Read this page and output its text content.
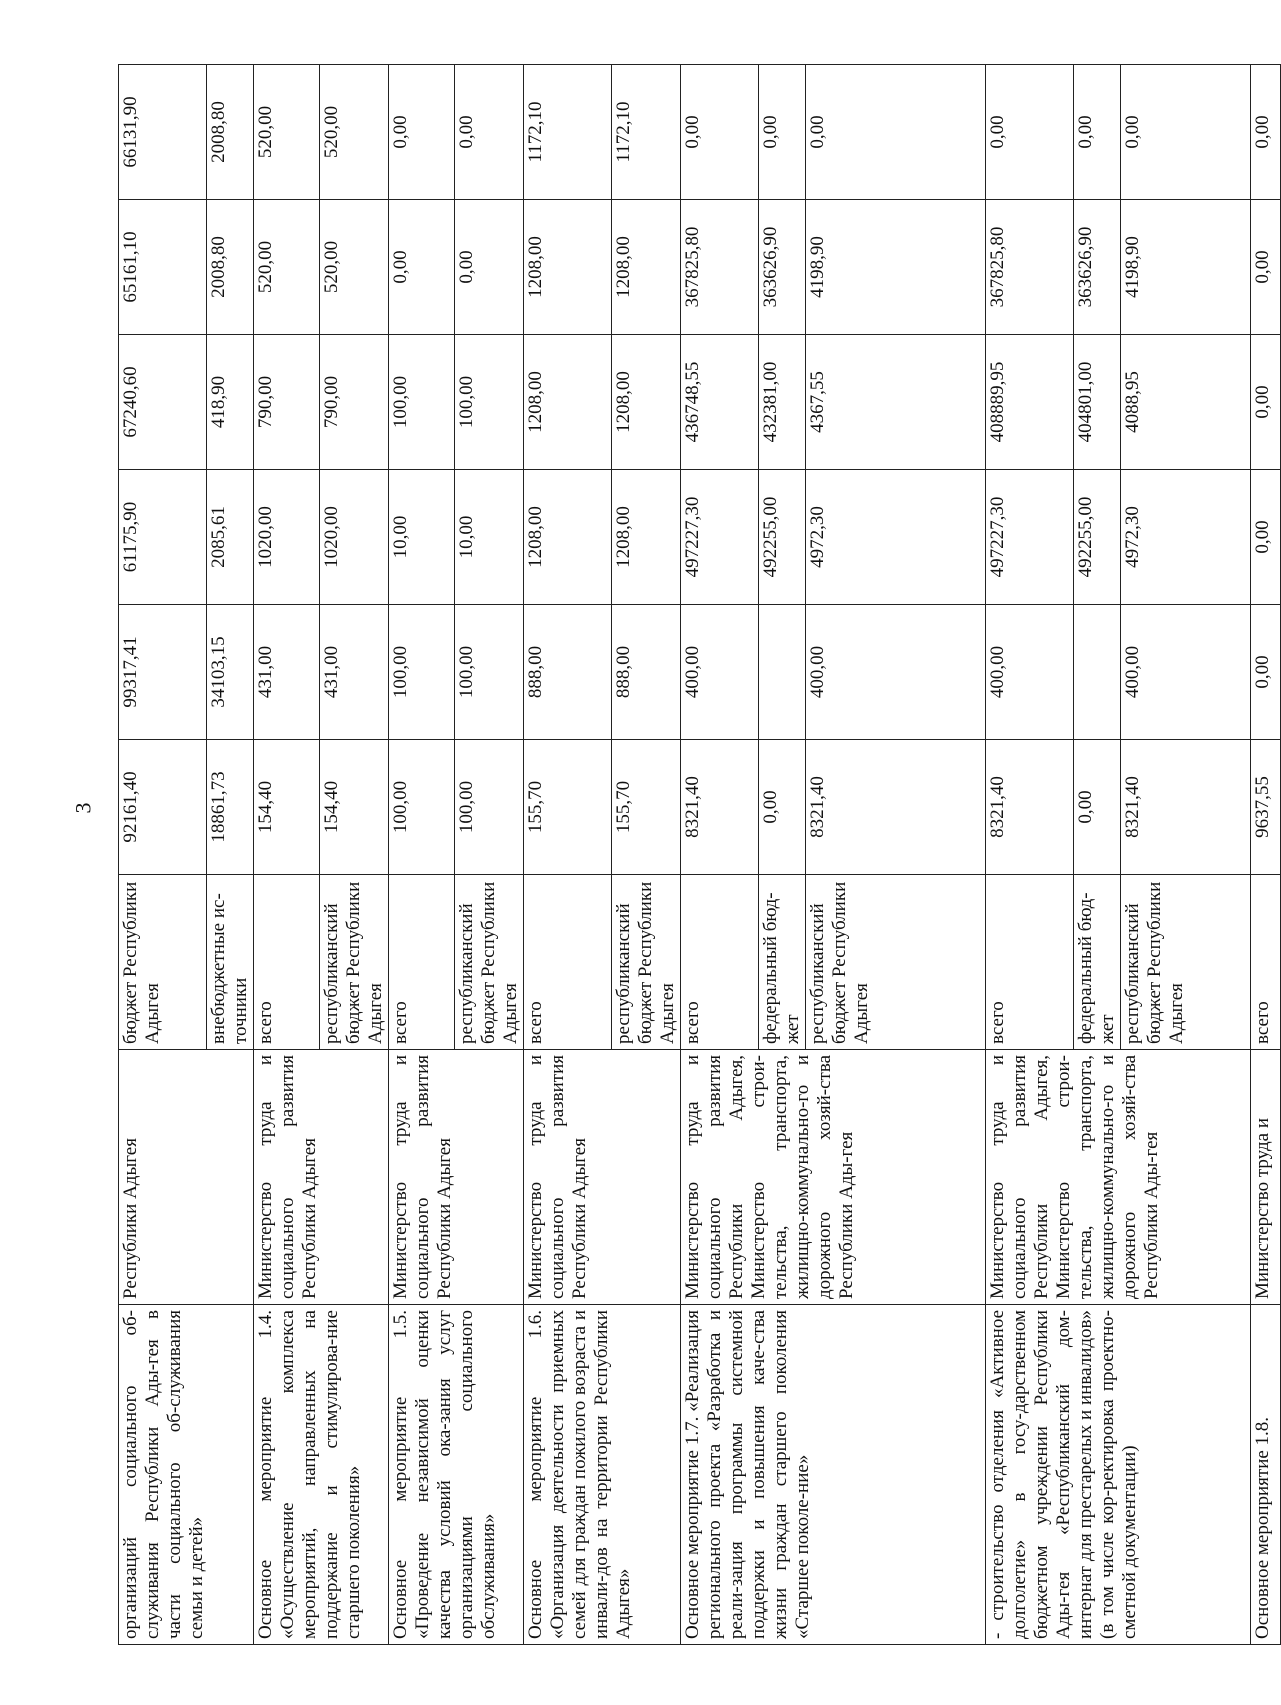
3
организаций социального об-служивания Республики Ады-гея в части социального об-служивания семьи и детей»	Республики Адыгея	бюджет Республики Адыгея	92161,40	99317,41	61175,90	67240,60	65161,10	66131,90
		внебюджетные ис-точники	18861,73	34103,15	2085,61	418,90	2008,80	2008,80
Основное мероприятие 1.4. «Осуществление комплекса мероприятий, направленных на поддержание и стимулирова-ние старшего поколения»	Министерство труда и социального развития Республики Адыгея	всего	154,40	431,00	1020,00	790,00	520,00	520,00
		республиканский бюджет Республики Адыгея	154,40	431,00	1020,00	790,00	520,00	520,00
Основное мероприятие 1.5. «Проведение независимой оценки качества условий ока-зания услуг организациями социального обслуживания»	Министерство труда и социального развития Республики Адыгея	всего	100,00	100,00	10,00	100,00	0,00	0,00
		республиканский бюджет Республики Адыгея	100,00	100,00	10,00	100,00	0,00	0,00
Основное мероприятие 1.6. «Организация деятельности приемных семей для граждан пожилого возраста и инвали-дов на территории Республики Адыгея»	Министерство труда и социального развития Республики Адыгея	всего	155,70	888,00	1208,00	1208,00	1208,00	1172,10
		республиканский бюджет Республики Адыгея	155,70	888,00	1208,00	1208,00	1208,00	1172,10
Основное мероприятие 1.7. «Реализация регионального проекта «Разработка и реали-зация программы системной поддержки и повышения каче-ства жизни граждан старшего поколения «Старшее поколе-ние»	Министерство труда и социального развития Республики Адыгея, Министерство строи-тельства, транспорта, жилищно-коммунально-го и дорожного хозяй-ства Республики Ады-гея	всего	8321,40	400,00	497227,30	436748,55	367825,80	0,00
		федеральный бюд-жет	0,00		492255,00	432381,00	363626,90	0,00
		республиканский бюджет Республики Адыгея	8321,40	400,00	4972,30	4367,55	4198,90	0,00
- строительство отделения «Активное долголетие» в госу-дарственном бюджетном учреждении Республики Ады-гея «Республиканский дом-интернат для престарелых и инвалидов» (в том числе кор-ректировка проектно-сметной документации)	Министерство труда и социального развития Республики Адыгея, Министерство строи-тельства, транспорта, жилищно-коммунально-го и дорожного хозяй-ства Республики Ады-гея	всего	8321,40	400,00	497227,30	408889,95	367825,80	0,00
		федеральный бюд-жет	0,00		492255,00	404801,00	363626,90	0,00
		республиканский бюджет Республики Адыгея	8321,40	400,00	4972,30	4088,95	4198,90	0,00
Основное мероприятие 1.8.	Министерство труда и	всего	9637,55	0,00	0,00	0,00	0,00	0,00
